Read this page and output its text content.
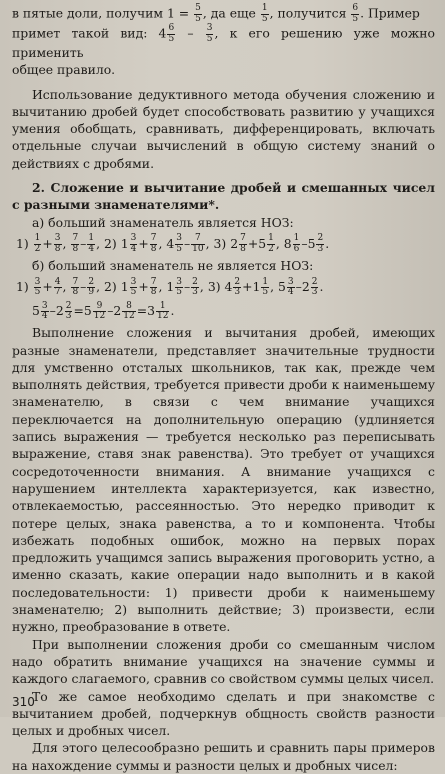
в пятые доли, получим $1 = \frac{5}{5}$ , да еще $\frac{1}{5}$ , получится $\frac{6}{5}$ . Пример

примет такой вид: $4 \frac{6}{5} - \frac{3}{5}$ , к его решению уже можно применить

общее правило.

Использование дедуктивного метода обучения сложению и вычитанию дробей будет способствовать развитию у учащихся умения обобщать, сравнивать, дифференцировать, включать отдельные случаи вычислений в общую систему знаний о действиях с дробями.

2. Сложение и вычитание дробей и смешанных чисел с разными знаменателями*.

а) больший знаменатель является НОЗ:

$1) \frac{1}{2} + \frac{3}{8}$ , $\frac{7}{8} - \frac{1}{4}$ , 2) $1 \frac{3}{4} + \frac{7}{8}$ , $4 \frac{3}{5} - \frac{7}{10}$ , 3) $2 \frac{7}{8} +5 \frac{1}{2}$ , $8 \frac{1}{6} -5 \frac{2}{3}$ .

б) больший знаменатель не является НОЗ:

$1) \frac{3}{5} + \frac{4}{7}$ , $\frac{7}{8} - \frac{2}{9}$ , 2) $1 \frac{3}{5} + \frac{7}{8}$ , $1 \frac{3}{5} - \frac{2}{3}$ , 3) $4 \frac{2}{3} +1 \frac{1}{5}$ , $5 \frac{3}{4} -2 \frac{2}{3}$ .
$5 \frac{3}{4} -2 \frac{2}{3} =5 \frac{9}{12} -2 \frac{8}{12} =3 \frac{1}{12}$ .

Выполнение сложения и вычитания дробей, имеющих разные знаменатели, представляет значительные трудности для умственно отсталых школьников, так как, прежде чем выполнять действия, требуется привести дроби к наименьшему знаменателю, в связи с чем внимание учащихся переключается на дополнительную операцию (удлиняется запись выражения — требуется несколько раз переписывать выражение, ставя знак равенства). Это требует от учащихся сосредоточенности внимания. А внимание учащихся с нарушением интеллекта характеризуется, как известно, отвлекаемостью, рассеянностью. Это нередко приводит к потере целых, знака равенства, а то и компонента. Чтобы избежать подобных ошибок, можно на первых порах предложить учащимся запись выражения проговорить устно, а именно сказать, какие операции надо выполнить и в какой последовательности: 1) привести дроби к наименьшему знаменателю; 2) выполнить действие; 3) произвести, если нужно, преобразование в ответе.

При выполнении сложения дроби со смешанным числом надо обратить внимание учащихся на значение суммы и каждого слагаемого, сравнив со свойством суммы целых чисел.

То же самое необходимо сделать и при знакомстве с вычитанием дробей, подчеркнув общность свойств разности целых и дробных чисел.

Для этого целесообразно решить и сравнить пары примеров на нахождение суммы и разности целых и дробных чисел:

310
